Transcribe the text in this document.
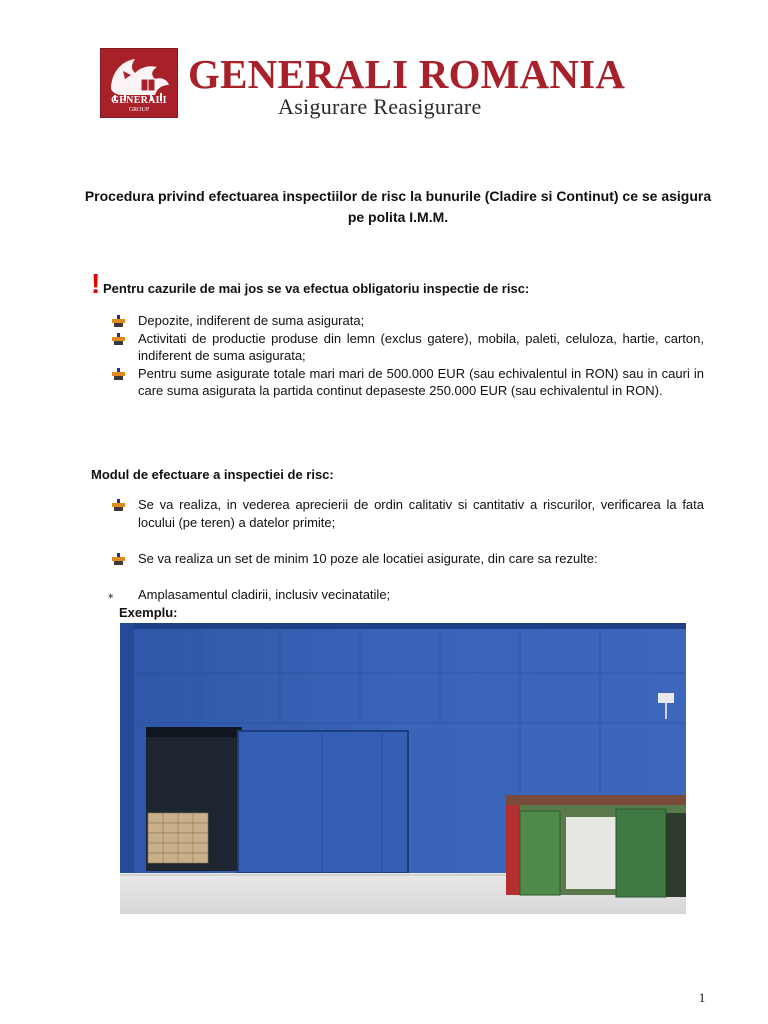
GENERALI
GROUP
GENERALI ROMANIA
Asigurare Reasigurare
Procedura privind efectuarea inspectiilor de risc la bunurile (Cladire si Continut) ce se asigura pe polita I.M.M.
! Pentru cazurile de mai jos se va efectua obligatoriu inspectie de risc:
Depozite, indiferent de suma asigurata;
Activitati de productie produse din lemn (exclus gatere), mobila, paleti, celuloza, hartie, carton, indiferent de suma asigurata;
Pentru sume asigurate totale mari mari de 500.000 EUR (sau echivalentul in RON) sau in cauri in care suma asigurata la partida continut depaseste 250.000 EUR (sau echivalentul in RON).
Modul de efectuare a inspectiei de risc:
Se va realiza, in vederea aprecierii de ordin calitativ si cantitativ a riscurilor, verificarea la fata locului (pe teren) a datelor primite;
Se va realiza un set de minim 10 poze ale locatiei asigurate, din care sa rezulte:
⁎ Amplasamentul cladirii, inclusiv vecinatatile;

Exemplu:

1
